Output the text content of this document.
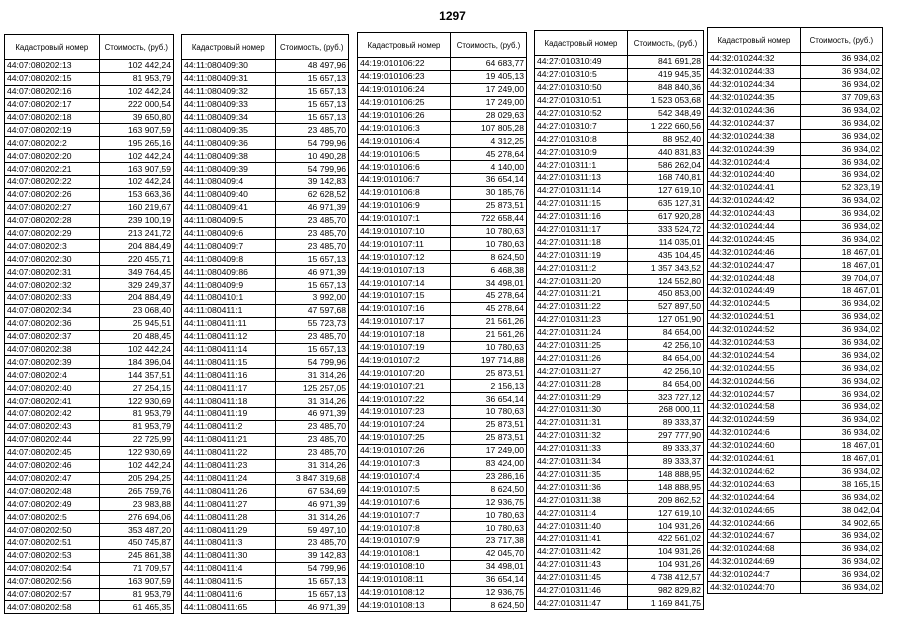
1297
Кадастровый номер	Стоимость, (руб.)
44:07:080202:13	102 442,24
44:07:080202:15	81 953,79
44:07:080202:16	102 442,24
44:07:080202:17	222 000,54
44:07:080202:18	39 650,80
44:07:080202:19	163 907,59
44:07:080202:2	195 265,16
44:07:080202:20	102 442,24
44:07:080202:21	163 907,59
44:07:080202:22	102 442,24
44:07:080202:26	153 663,36
44:07:080202:27	160 219,67
44:07:080202:28	239 100,19
44:07:080202:29	213 241,72
44:07:080202:3	204 884,49
44:07:080202:30	220 455,71
44:07:080202:31	349 764,45
44:07:080202:32	329 249,37
44:07:080202:33	204 884,49
44:07:080202:34	23 068,40
44:07:080202:36	25 945,51
44:07:080202:37	20 488,45
44:07:080202:38	102 442,24
44:07:080202:39	184 396,04
44:07:080202:4	144 357,51
44:07:080202:40	27 254,15
44:07:080202:41	122 930,69
44:07:080202:42	81 953,79
44:07:080202:43	81 953,79
44:07:080202:44	22 725,99
44:07:080202:45	122 930,69
44:07:080202:46	102 442,24
44:07:080202:47	205 294,25
44:07:080202:48	265 759,76
44:07:080202:49	23 983,88
44:07:080202:5	276 694,06
44:07:080202:50	353 487,20
44:07:080202:51	450 745,87
44:07:080202:53	245 861,38
44:07:080202:54	71 709,57
44:07:080202:56	163 907,59
44:07:080202:57	81 953,79
44:07:080202:58	61 465,35
Кадастровый номер	Стоимость, (руб.)
44:11:080409:30	48 497,96
44:11:080409:31	15 657,13
44:11:080409:32	15 657,13
44:11:080409:33	15 657,13
44:11:080409:34	15 657,13
44:11:080409:35	23 485,70
44:11:080409:36	54 799,96
44:11:080409:38	10 490,28
44:11:080409:39	54 799,96
44:11:080409:4	39 142,83
44:11:080409:40	62 628,52
44:11:080409:41	46 971,39
44:11:080409:5	23 485,70
44:11:080409:6	23 485,70
44:11:080409:7	23 485,70
44:11:080409:8	15 657,13
44:11:080409:86	46 971,39
44:11:080409:9	15 657,13
44:11:080410:1	3 992,00
44:11:080411:1	47 597,68
44:11:080411:11	55 723,73
44:11:080411:12	23 485,70
44:11:080411:14	15 657,13
44:11:080411:15	54 799,96
44:11:080411:16	31 314,26
44:11:080411:17	125 257,05
44:11:080411:18	31 314,26
44:11:080411:19	46 971,39
44:11:080411:2	23 485,70
44:11:080411:21	23 485,70
44:11:080411:22	23 485,70
44:11:080411:23	31 314,26
44:11:080411:24	3 847 319,68
44:11:080411:26	67 534,69
44:11:080411:27	46 971,39
44:11:080411:28	31 314,26
44:11:080411:29	59 497,10
44:11:080411:3	23 485,70
44:11:080411:30	39 142,83
44:11:080411:4	54 799,96
44:11:080411:5	15 657,13
44:11:080411:6	15 657,13
44:11:080411:65	46 971,39
Кадастровый номер	Стоимость, (руб.)
44:19:010106:22	64 683,77
44:19:010106:23	19 405,13
44:19:010106:24	17 249,00
44:19:010106:25	17 249,00
44:19:010106:26	28 029,63
44:19:010106:3	107 805,28
44:19:010106:4	4 312,25
44:19:010106:5	45 278,64
44:19:010106:6	4 140,00
44:19:010106:7	36 654,14
44:19:010106:8	30 185,76
44:19:010106:9	25 873,51
44:19:010107:1	722 658,44
44:19:010107:10	10 780,63
44:19:010107:11	10 780,63
44:19:010107:12	8 624,50
44:19:010107:13	6 468,38
44:19:010107:14	34 498,01
44:19:010107:15	45 278,64
44:19:010107:16	45 278,64
44:19:010107:17	21 561,26
44:19:010107:18	21 561,26
44:19:010107:19	10 780,63
44:19:010107:2	197 714,88
44:19:010107:20	25 873,51
44:19:010107:21	2 156,13
44:19:010107:22	36 654,14
44:19:010107:23	10 780,63
44:19:010107:24	25 873,51
44:19:010107:25	25 873,51
44:19:010107:26	17 249,00
44:19:010107:3	83 424,00
44:19:010107:4	23 286,16
44:19:010107:5	8 624,50
44:19:010107:6	12 936,75
44:19:010107:7	10 780,63
44:19:010107:8	10 780,63
44:19:010107:9	23 717,38
44:19:010108:1	42 045,70
44:19:010108:10	34 498,01
44:19:010108:11	36 654,14
44:19:010108:12	12 936,75
44:19:010108:13	8 624,50
Кадастровый номер	Стоимость, (руб.)
44:27:010310:49	841 691,28
44:27:010310:5	419 945,35
44:27:010310:50	848 840,36
44:27:010310:51	1 523 053,68
44:27:010310:52	542 348,49
44:27:010310:7	1 222 660,56
44:27:010310:8	88 952,40
44:27:010310:9	440 831,83
44:27:010311:1	586 262,04
44:27:010311:13	168 740,81
44:27:010311:14	127 619,10
44:27:010311:15	635 127,31
44:27:010311:16	617 920,28
44:27:010311:17	333 524,72
44:27:010311:18	114 035,01
44:27:010311:19	435 104,45
44:27:010311:2	1 357 343,52
44:27:010311:20	124 552,80
44:27:010311:21	450 853,00
44:27:010311:22	527 897,50
44:27:010311:23	127 051,90
44:27:010311:24	84 654,00
44:27:010311:25	42 256,10
44:27:010311:26	84 654,00
44:27:010311:27	42 256,10
44:27:010311:28	84 654,00
44:27:010311:29	323 727,12
44:27:010311:30	268 000,11
44:27:010311:31	89 333,37
44:27:010311:32	297 777,90
44:27:010311:33	89 333,37
44:27:010311:34	89 333,37
44:27:010311:35	148 888,95
44:27:010311:36	148 888,95
44:27:010311:38	209 862,52
44:27:010311:4	127 619,10
44:27:010311:40	104 931,26
44:27:010311:41	422 561,02
44:27:010311:42	104 931,26
44:27:010311:43	104 931,26
44:27:010311:45	4 738 412,57
44:27:010311:46	982 829,82
44:27:010311:47	1 169 841,75
Кадастровый номер	Стоимость, (руб.)
44:32:010244:32	36 934,02
44:32:010244:33	36 934,02
44:32:010244:34	36 934,02
44:32:010244:35	37 709,63
44:32:010244:36	36 934,02
44:32:010244:37	36 934,02
44:32:010244:38	36 934,02
44:32:010244:39	36 934,02
44:32:010244:4	36 934,02
44:32:010244:40	36 934,02
44:32:010244:41	52 323,19
44:32:010244:42	36 934,02
44:32:010244:43	36 934,02
44:32:010244:44	36 934,02
44:32:010244:45	36 934,02
44:32:010244:46	18 467,01
44:32:010244:47	18 467,01
44:32:010244:48	39 704,07
44:32:010244:49	18 467,01
44:32:010244:5	36 934,02
44:32:010244:51	36 934,02
44:32:010244:52	36 934,02
44:32:010244:53	36 934,02
44:32:010244:54	36 934,02
44:32:010244:55	36 934,02
44:32:010244:56	36 934,02
44:32:010244:57	36 934,02
44:32:010244:58	36 934,02
44:32:010244:59	36 934,02
44:32:010244:6	36 934,02
44:32:010244:60	18 467,01
44:32:010244:61	18 467,01
44:32:010244:62	36 934,02
44:32:010244:63	38 165,15
44:32:010244:64	36 934,02
44:32:010244:65	38 042,04
44:32:010244:66	34 902,65
44:32:010244:67	36 934,02
44:32:010244:68	36 934,02
44:32:010244:69	36 934,02
44:32:010244:7	36 934,02
44:32:010244:70	36 934,02
